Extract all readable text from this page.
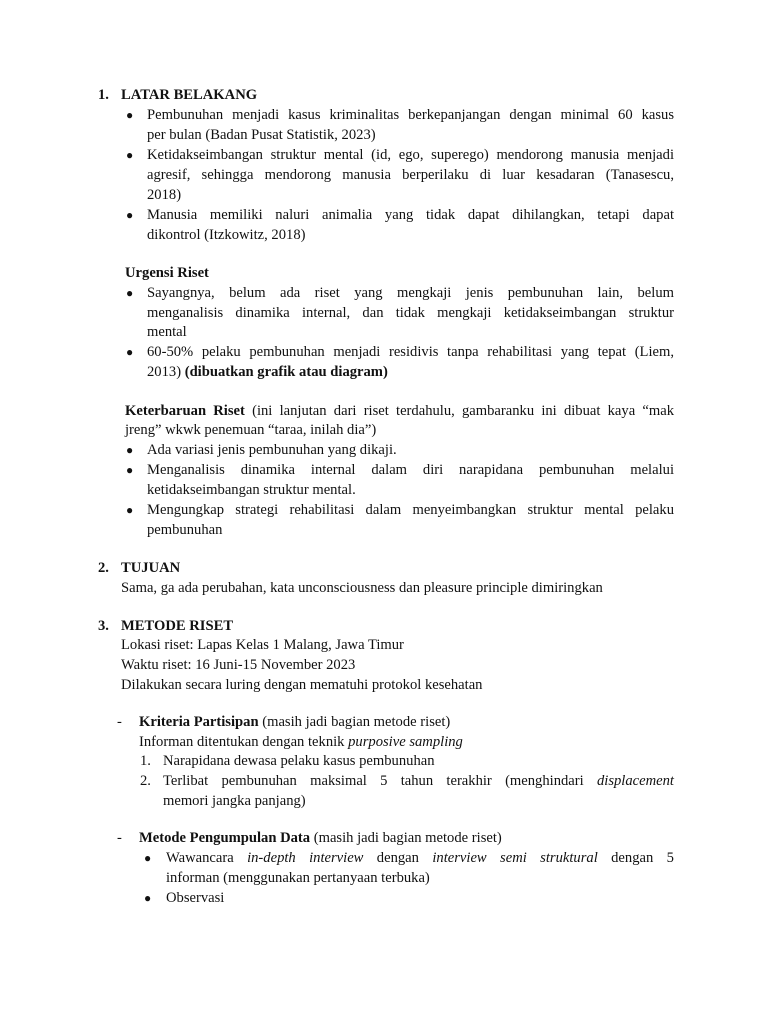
1. LATAR BELAKANG
● Pembunuhan menjadi kasus kriminalitas berkepanjangan dengan minimal 60 kasus
per bulan (Badan Pusat Statistik, 2023)
● Ketidakseimbangan struktur mental (id, ego, superego) mendorong manusia menjadi
agresif, sehingga mendorong manusia berperilaku di luar kesadaran (Tanasescu,
2018)
● Manusia memiliki naluri animalia yang tidak dapat dihilangkan, tetapi dapat
dikontrol (Itzkowitz, 2018)
Urgensi Riset
● Sayangnya, belum ada riset yang mengkaji jenis pembunuhan lain, belum
menganalisis dinamika internal, dan tidak mengkaji ketidakseimbangan struktur
mental
● 60-50% pelaku pembunuhan menjadi residivis tanpa rehabilitasi yang tepat (Liem,
2013) (dibuatkan grafik atau diagram)
Keterbaruan Riset (ini lanjutan dari riset terdahulu, gambaranku ini dibuat kaya “mak
jreng” wkwk penemuan “taraa, inilah dia”)
● Ada variasi jenis pembunuhan yang dikaji.
● Menganalisis dinamika internal dalam diri narapidana pembunuhan melalui
ketidakseimbangan struktur mental.
● Mengungkap strategi rehabilitasi dalam menyeimbangkan struktur mental pelaku
pembunuhan
2. TUJUAN
Sama, ga ada perubahan, kata unconsciousness dan pleasure principle dimiringkan
3. METODE RISET
Lokasi riset: Lapas Kelas 1 Malang, Jawa Timur
Waktu riset: 16 Juni-15 November 2023
Dilakukan secara luring dengan mematuhi protokol kesehatan
- Kriteria Partisipan (masih jadi bagian metode riset)
Informan ditentukan dengan teknik purposive sampling
1. Narapidana dewasa pelaku kasus pembunuhan
2. Terlibat pembunuhan maksimal 5 tahun terakhir (menghindari displacement
memori jangka panjang)
- Metode Pengumpulan Data (masih jadi bagian metode riset)
● Wawancara in-depth interview dengan interview semi struktural dengan 5
informan (menggunakan pertanyaan terbuka)
● Observasi
